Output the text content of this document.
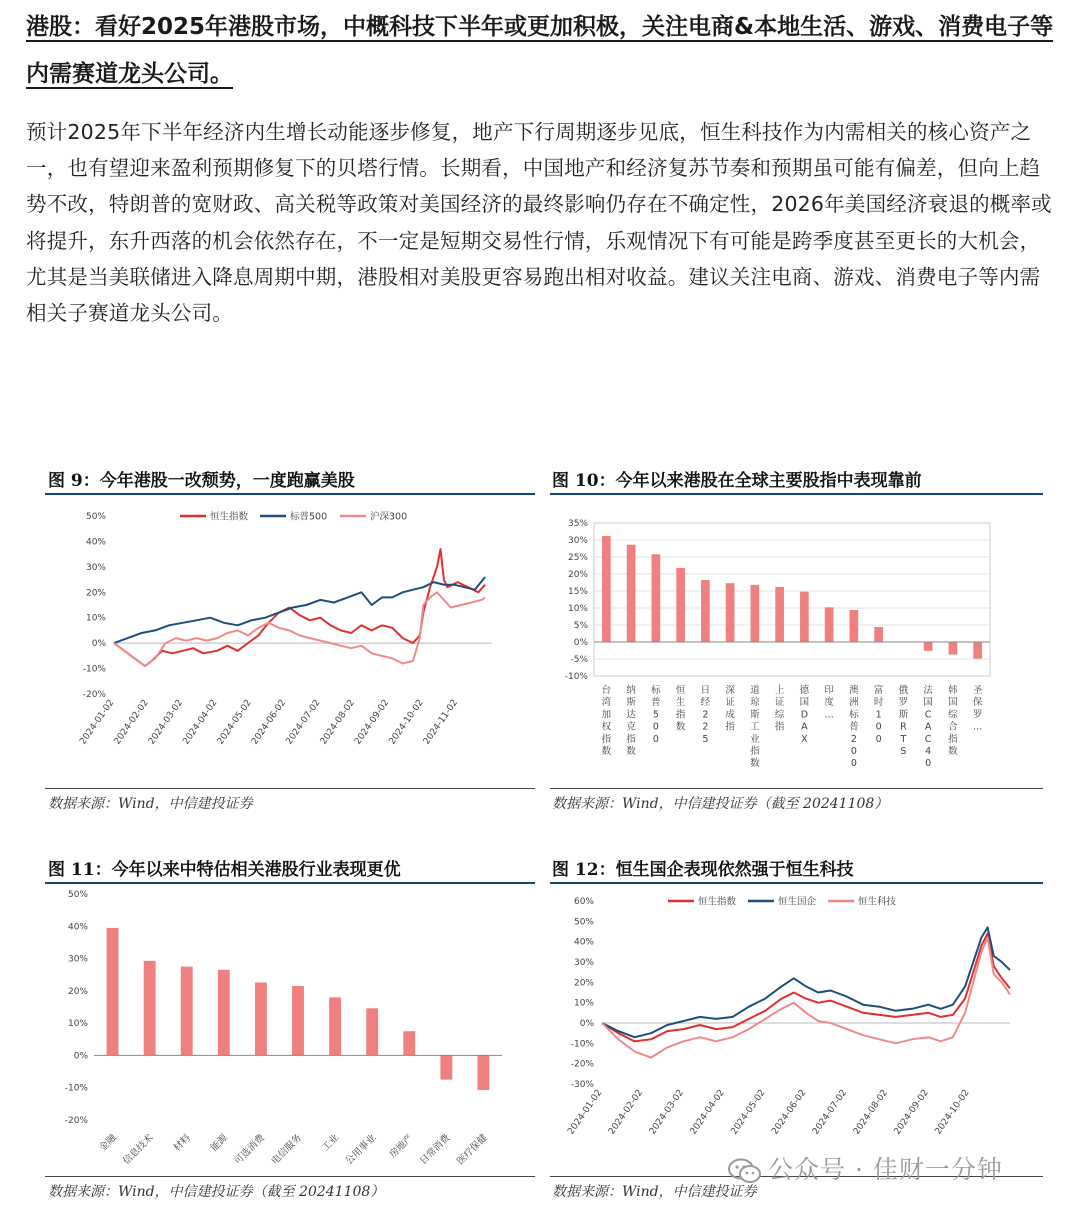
港股：看好2025年港股市场，中概科技下半年或更加积极，关注电商&本地生活、游戏、消费电子等内需赛道龙头公司。

预计2025年下半年经济内生增长动能逐步修复，地产下行周期逐步见底，恒生科技作为内需相关的核心资产之一，也有望迎来盈利预期修复下的贝塔行情。长期看，中国地产和经济复苏节奏和预期虽可能有偏差，但向上趋势不改，特朗普的宽财政、高关税等政策对美国经济的最终影响仍存在不确定性，2026年美国经济衰退的概率或将提升，东升西落的机会依然存在，不一定是短期交易性行情，乐观情况下有可能是跨季度甚至更长的大机会，尤其是当美联储进入降息周期中期，港股相对美股更容易跑出相对收益。建议关注电商、游戏、消费电子等内需相关子赛道龙头公司。

图 9：今年港股一改颓势，一度跑赢美股
-20%
-10%
0%
10%
20%
30%
40%
50%
2024-01-02
2024-02-02
2024-03-02
2024-04-02
2024-05-02
2024-06-02
2024-07-02
2024-08-02
2024-09-02
2024-10-02
2024-11-02
恒生指数	标普500	沪深300
数据来源：Wind，中信建投证券
图 10：今年以来港股在全球主要股指中表现靠前
-10%
-5%
0%
5%
10%
15%
20%
25%
30%
35%
台湾加权指数
纳斯达克指数
标普 5 0 0
恒生指数
日经 2 2 5
深证成指
道琼斯工业指数
上证综指
德国 D A X
印度…
澳洲标普 2 0 0
富时 1 0 0
俄罗斯 R T S
法国 C A C 4 0
韩国综合指数
圣保罗…
数据来源：Wind，中信建投证券（截至 20241108）
图 11：今年以来中特估相关港股行业表现更优
-20%
-10%
0%
10%
20%
30%
40%
50%
金融 信息技术 材料 能源 可选消费 电信服务 工业 公用事业 房地产 日常消费 医疗保健
数据来源：Wind，中信建投证券（截至 20241108）
图 12：恒生国企表现依然强于恒生科技
-30%
-20%
-10%
0%
10%
20%
30%
40%
50%
60%
2024-01-02 2024-02-02 2024-03-02 2024-04-02 2024-05-02 2024-06-02 2024-07-02 2024-08-02 2024-09-02 2024-10-02
恒生指数	恒生国企	恒生科技
数据来源：Wind，中信建投证券
公众号 · 佳财一分钟
